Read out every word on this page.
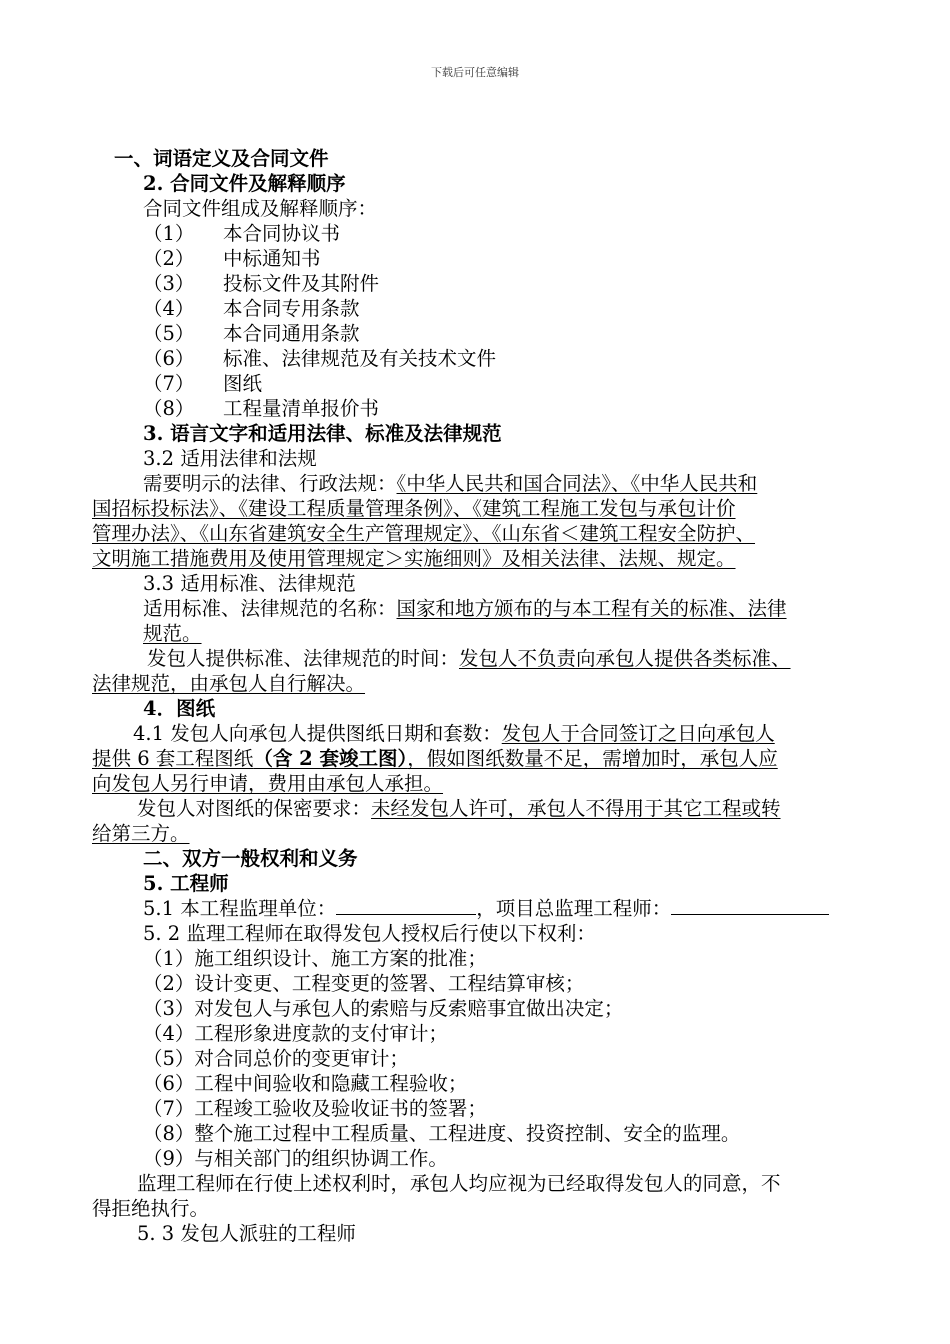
下载后可任意编辑
一、词语定义及合同文件
2. 合同文件及解释顺序
合同文件组成及解释顺序：
（1） 本合同协议书
（2） 中标通知书
（3） 投标文件及其附件
（4） 本合同专用条款
（5） 本合同通用条款
（6） 标准、法律规范及有关技术文件
（7） 图纸
（8） 工程量清单报价书
3. 语言文字和适用法律、标准及法律规范
3.2 适用法律和法规
需要明示的法律、行政法规：《中华人民共和国合同法》、《中华人民共和
国招标投标法》、《建设工程质量管理条例》、《建筑工程施工发包与承包计价
管理办法》、《山东省建筑安全生产管理规定》、《山东省＜建筑工程安全防护、
文明施工措施费用及使用管理规定＞实施细则》及相关法律、法规、规定。
3.3 适用标准、法律规范
适用标准、法律规范的名称：国家和地方颁布的与本工程有关的标准、法律
规范。
发包人提供标准、法律规范的时间：发包人不负责向承包人提供各类标准、
法律规范，由承包人自行解决。
4．图纸
4.1 发包人向承包人提供图纸日期和套数：发包人于合同签订之日向承包人
提供 6 套工程图纸（含 2 套竣工图），假如图纸数量不足，需增加时，承包人应
向发包人另行申请，费用由承包人承担。
发包人对图纸的保密要求：未经发包人许可，承包人不得用于其它工程或转
给第三方。
二、双方一般权利和义务
5. 工程师
5.1 本工程监理单位：	，项目总监理工程师：
5. 2 监理工程师在取得发包人授权后行使以下权利：
（1）施工组织设计、施工方案的批准；
（2）设计变更、工程变更的签署、工程结算审核；
（3）对发包人与承包人的索赔与反索赔事宜做出决定；
（4）工程形象进度款的支付审计；
（5）对合同总价的变更审计；
（6）工程中间验收和隐藏工程验收；
（7）工程竣工验收及验收证书的签署；
（8）整个施工过程中工程质量、工程进度、投资控制、安全的监理。
（9）与相关部门的组织协调工作。
监理工程师在行使上述权利时，承包人均应视为已经取得发包人的同意，不
得拒绝执行。
5. 3 发包人派驻的工程师
